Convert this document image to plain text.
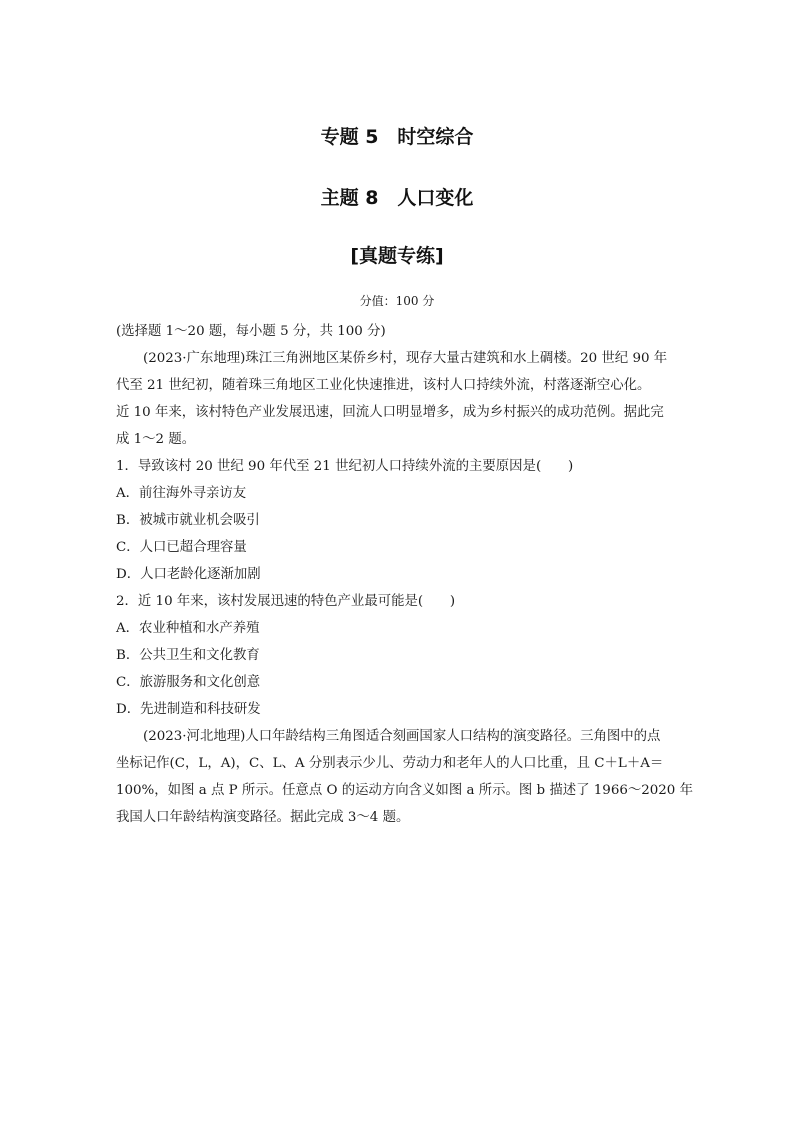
专题 5　时空综合
主题 8　人口变化
[真题专练]
分值：100 分
(选择题 1～20 题，每小题 5 分，共 100 分)
(2023·广东地理)珠江三角洲地区某侨乡村，现存大量古建筑和水上碉楼。20 世纪 90 年
代至 21 世纪初，随着珠三角地区工业化快速推进，该村人口持续外流，村落逐渐空心化。
近 10 年来，该村特色产业发展迅速，回流人口明显增多，成为乡村振兴的成功范例。据此完
成 1～2 题。
1．导致该村 20 世纪 90 年代至 21 世纪初人口持续外流的主要原因是(　　)
A．前往海外寻亲访友
B．被城市就业机会吸引
C．人口已超合理容量
D．人口老龄化逐渐加剧
2．近 10 年来，该村发展迅速的特色产业最可能是(　　)
A．农业种植和水产养殖
B．公共卫生和文化教育
C．旅游服务和文化创意
D．先进制造和科技研发
(2023·河北地理)人口年龄结构三角图适合刻画国家人口结构的演变路径。三角图中的点
坐标记作(C，L，A)，C、L、A 分别表示少儿、劳动力和老年人的人口比重，且 C＋L＋A＝
100%，如图 a 点 P 所示。任意点 O 的运动方向含义如图 a 所示。图 b 描述了 1966～2020 年
我国人口年龄结构演变路径。据此完成 3～4 题。
